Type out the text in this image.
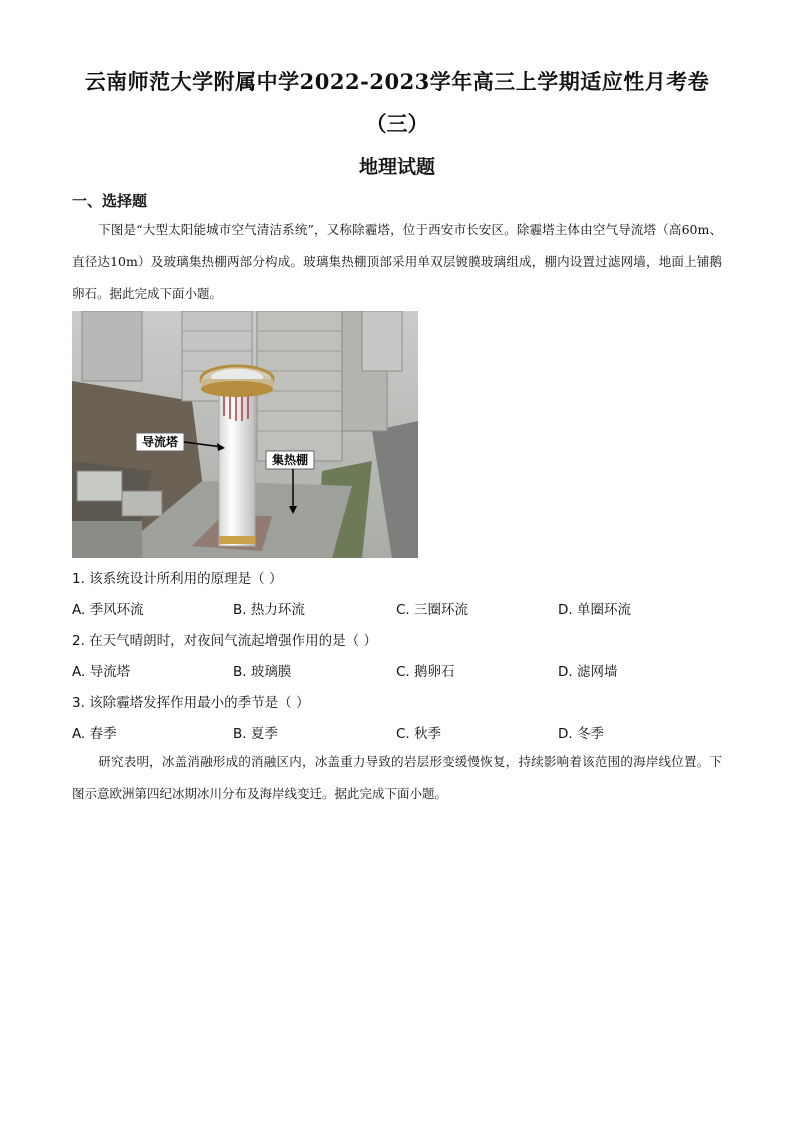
云南师范大学附属中学2022-2023学年高三上学期适应性月考卷
（三）
地理试题
一、选择题
下图是“大型太阳能城市空气清洁系统”，又称除霾塔，位于西安市长安区。除霾塔主体由空气导流塔（高60m、直径达10m）及玻璃集热棚两部分构成。玻璃集热棚顶部采用单双层镀膜玻璃组成，棚内设置过滤网墙，地面上铺鹅卵石。据此完成下面小题。
导流塔
集热棚
1. 该系统设计所利用的原理是（ ）
A. 季风环流	B. 热力环流	C. 三圈环流	D. 单圈环流
2. 在天气晴朗时，对夜间气流起增强作用的是（ ）
A. 导流塔	B. 玻璃膜	C. 鹅卵石	D. 滤网墙
3. 该除霾塔发挥作用最小的季节是（ ）
A. 春季	B. 夏季	C. 秋季	D. 冬季
研究表明，冰盖消融形成的消融区内，冰盖重力导致的岩层形变缓慢恢复，持续影响着该范围的海岸线位置。下图示意欧洲第四纪冰期冰川分布及海岸线变迁。据此完成下面小题。
